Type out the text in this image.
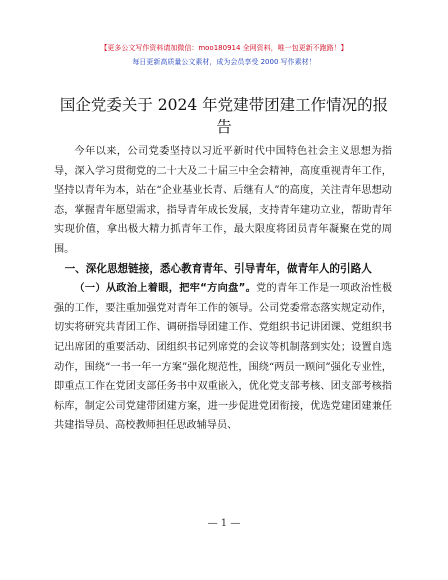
【更多公文写作资料请加微信：moo180914 全网资料，唯一包更新不跑路！】
每日更新高质量公文素材，成为会员享受 2000 写作素材！
国企党委关于 2024 年党建带团建工作情况的报告

今年以来，公司党委坚持以习近平新时代中国特色社会主义思想为指导，深入学习贯彻党的二十大及二十届三中全会精神，高度重视青年工作，坚持以青年为本，站在“企业基业长青、后继有人”的高度，关注青年思想动态，掌握青年愿望需求，指导青年成长发展，支持青年建功立业，帮助青年实现价值，拿出极大精力抓青年工作，最大限度将团员青年凝聚在党的周围。

一、深化思想链接，悉心教育青年、引导青年，做青年人的引路人

（一）从政治上着眼，把牢“方向盘”。党的青年工作是一项政治性极强的工作，要注重加强党对青年工作的领导。公司党委常态落实规定动作，切实将研究共青团工作、调研指导团建工作、党组织书记讲团课、党组织书记出席团的重要活动、团组织书记列席党的会议等机制落到实处；设置自选动作，围绕“一书一年一方案”强化规范性，围绕“两员一顾问”强化专业性，即重点工作在党团支部任务书中双重嵌入，优化党支部考核、团支部考核指标库，制定公司党建带团建方案，进一步促进党团衔接，优选党建团建兼任共建指导员、高校教师担任思政辅导员、

— 1 —
